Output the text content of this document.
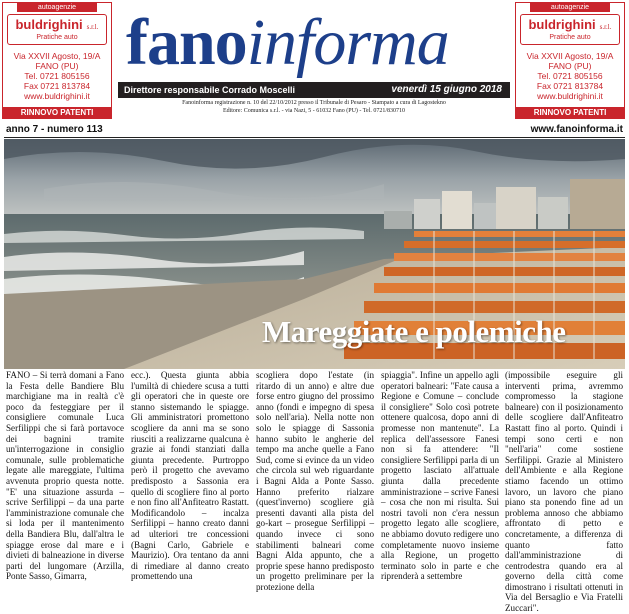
autoagenzie
buldrighini s.r.l.
Pratiche auto
Via XXVII Agosto, 19/A
FANO (PU)
Tel. 0721 805156
Fax 0721 813784
www.buldrighini.it
RINNOVO PATENTI
autoagenzie
buldrighini s.r.l.
Pratiche auto
Via XXVII Agosto, 19/A
FANO (PU)
Tel. 0721 805156
Fax 0721 813784
www.buldrighini.it
RINNOVO PATENTI
fanoinforma
Direttore responsabile Corrado Moscelli	venerdì 15 giugno 2018
Fanoinforma registrazione n. 10 del 22/10/2012 presso il Tribunale di Pesaro - Stampato a cura di Lagostekno
Editore: Comunica s.r.l. - via Nazi, 5 - 61032 Fano (PU) - Tel. 0721/830710
anno 7 - numero 113	www.fanoinforma.it
Mareggiate e polemiche
FANO – Si terrà domani a Fano la Festa delle Bandiere Blu marchigiane ma in realtà c'è poco da festeggiare per il consigliere comunale Luca Serfilippi che si farà portavoce dei bagnini tramite un'interrogazione in consiglio comunale, sulle problematiche legate alle mareggiate, l'ultima avvenuta proprio questa notte. "E' una situazione assurda – scrive Serfilippi – da una parte l'amministrazione comunale che si loda per il mantenimento della Bandiera Blu, dall'altra le spiagge erose dal mare e i divieti di balneazione in diverse parti del lungomare (Arzilla, Ponte Sasso, Gimarra,
ecc.). Questa giunta abbia l'umiltà di chiedere scusa a tutti gli operatori che in queste ore stanno sistemando le spiagge. Gli amministratori promettono scogliere da anni ma se sono riusciti a realizzarne qualcuna è grazie ai fondi stanziati dalla giunta precedente. Purtroppo però il progetto che avevamo predisposto a Sassonia era quello di scogliere fino al porto e non fino all'Anfiteatro Rastatt. Modificandolo – incalza Serfilippi – hanno creato danni ad ulteriori tre concessioni (Bagni Carlo, Gabriele e Maurizio). Ora tentano da anni di rimediare al danno creato promettendo una
scogliera dopo l'estate (in ritardo di un anno) e altre due forse entro giugno del prossimo anno (fondi e impegno di spesa solo nell'aria). Nella notte non solo le spiagge di Sassonia hanno subito le angherie del tempo ma anche quelle a Fano Sud, come si evince da un video che circola sul web riguardante i Bagni Alda a Ponte Sasso. Hanno preferito rialzare (quest'inverno) scogliere già presenti davanti alla pista del go-kart – prosegue Serfilippi – quando invece ci sono stabilimenti balneari come Bagni Alda appunto, che a proprie spese hanno predisposto un progetto preliminare per la protezione della
spiaggia". Infine un appello agli operatori balneari: "Fate causa a Regione e Comune – conclude il consigliere" Solo così potrete ottenere qualcosa, dopo anni di promesse non mantenute". La replica dell'assessore Fanesi non si fa attendere: "Il consigliere Serfilippi parla di un progetto lasciato all'attuale giunta dalla precedente amministrazione – scrive Fanesi – cosa che non mi risulta. Sui nostri tavoli non c'era nessun progetto legato alle scogliere, ne abbiamo dovuto redigere uno completamente nuovo insieme alla Regione, un progetto terminato solo in parte e che riprenderà a settembre
(impossibile eseguire gli interventi prima, avremmo compromesso la stagione balneare) con il posizionamento delle scogliere dall'Anfiteatro Rastatt fino al porto. Quindi i tempi sono certi e non "nell'aria" come sostiene Serfilippi. Grazie al Ministero dell'Ambiente e alla Regione stiamo facendo un ottimo lavoro, un lavoro che piano piano sta ponendo fine ad un problema annoso che abbiamo affrontato di petto e concretamente, a differenza di quanto fatto dall'amministrazione di centrodestra quando era al governo della città come dimostrano i risultati ottenuti in Via del Bersaglio e Via Fratelli Zuccari".
